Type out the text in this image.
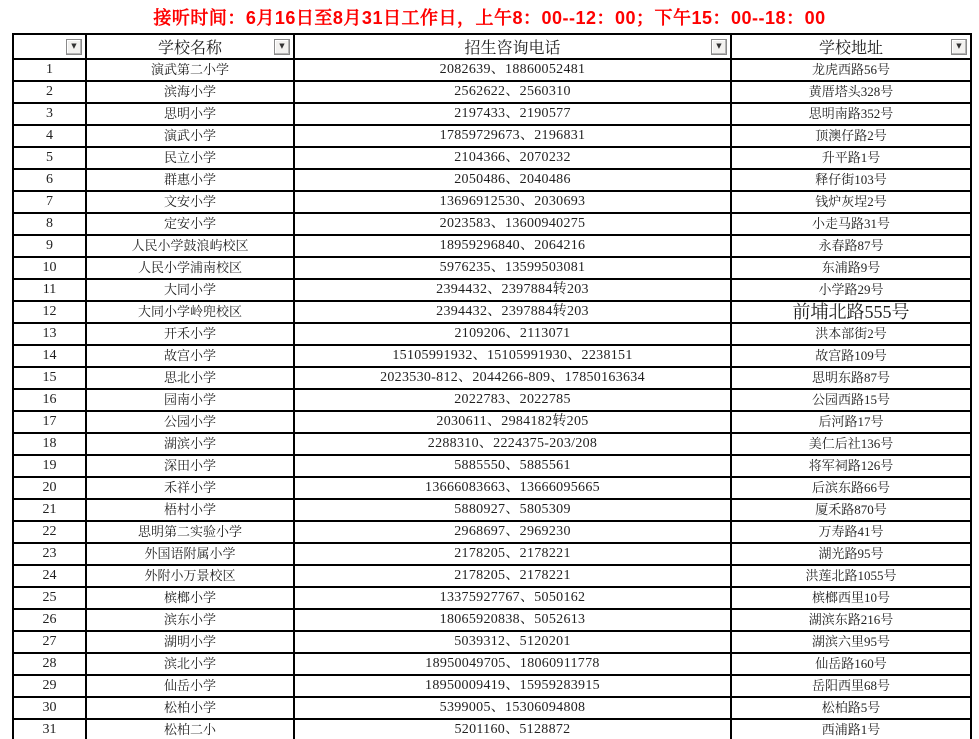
接听时间：6月16日至8月31日工作日，上午8：00--12：00；下午15：00--18：00
▼	学校名称 ▼	招生咨询电话 ▼	学校地址 ▼

1	演武第二小学	2082639、18860052481	龙虎西路56号
2	滨海小学	2562622、2560310	黄厝塔头328号
3	思明小学	2197433、2190577	思明南路352号
4	演武小学	17859729673、2196831	顶澳仔路2号
5	民立小学	2104366、2070232	升平路1号
6	群惠小学	2050486、2040486	释仔街103号
7	文安小学	13696912530、2030693	钱炉灰埕2号
8	定安小学	2023583、13600940275	小走马路31号
9	人民小学鼓浪屿校区	18959296840、2064216	永春路87号
10	人民小学浦南校区	5976235、13599503081	东浦路9号
11	大同小学	2394432、2397884转203	小学路29号
12	大同小学岭兜校区	2394432、2397884转203	前埔北路555号
13	开禾小学	2109206、2113071	洪本部街2号
14	故宫小学	15105991932、15105991930、2238151	故宫路109号
15	思北小学	2023530-812、2044266-809、17850163634	思明东路87号
16	园南小学	2022783、2022785	公园西路15号
17	公园小学	2030611、2984182转205	后河路17号
18	湖滨小学	2288310、2224375-203/208	美仁后社136号
19	深田小学	5885550、5885561	将军祠路126号
20	禾祥小学	13666083663、13666095665	后滨东路66号
21	梧村小学	5880927、5805309	厦禾路870号
22	思明第二实验小学	2968697、2969230	万寿路41号
23	外国语附属小学	2178205、2178221	湖光路95号
24	外附小万景校区	2178205、2178221	洪莲北路1055号
25	槟榔小学	13375927767、5050162	槟榔西里10号
26	滨东小学	18065920838、5052613	湖滨东路216号
27	湖明小学	5039312、5120201	湖滨六里95号
28	滨北小学	18950049705、18060911778	仙岳路160号
29	仙岳小学	18950009419、15959283915	岳阳西里68号
30	松柏小学	5399005、15306094808	松柏路5号
31	松柏二小	5201160、5128872	西浦路1号
